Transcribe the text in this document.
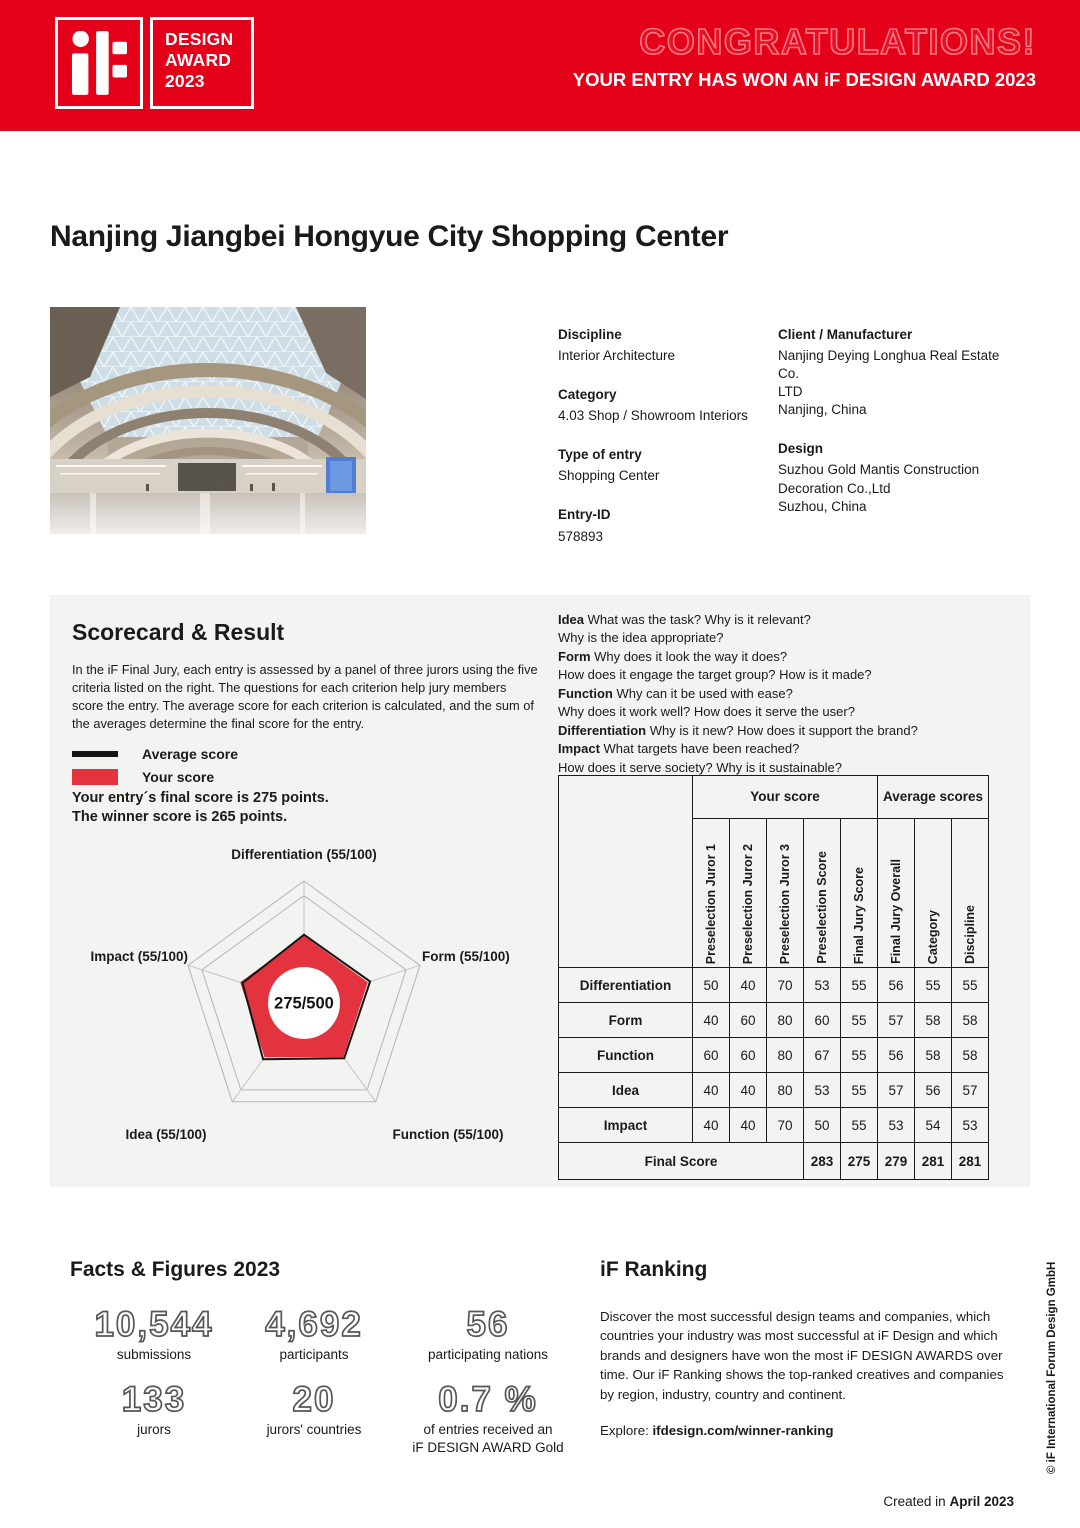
DESIGN
AWARD
2023
CONGRATULATIONS!
YOUR ENTRY HAS WON AN iF DESIGN AWARD 2023
Nanjing Jiangbei Hongyue City Shopping Center
Discipline
Interior Architecture
Category
4.03 Shop / Showroom Interiors
Type of entry
Shopping Center
Entry-ID
578893
Client / Manufacturer
Nanjing Deying Longhua Real Estate Co.
LTD
Nanjing, China
Design
Suzhou Gold Mantis Construction
Decoration Co.,Ltd
Suzhou, China
Scorecard & Result
In the iF Final Jury, each entry is assessed by a panel of three jurors using the five criteria listed on the right. The questions for each criterion help jury members score the entry. The average score for each criterion is calculated, and the sum of the averages determine the final score for the entry.
Average score
Your score
Your entry´s final score is 275 points.
The winner score is 265 points.
275/500
Differentiation (55/100)
Form (55/100)
Function (55/100)
Idea (55/100)
Impact (55/100)
Idea What was the task? Why is it relevant?
Why is the idea appropriate?
Form Why does it look the way it does?
How does it engage the target group? How is it made?
Function Why can it be used with ease?
Why does it work well? How does it serve the user?
Differentiation Why is it new? How does it support the brand?
Impact What targets have been reached?
How does it serve society? Why is it sustainable?
	Your score					Average scores		
	Preselection Juror 1	Preselection Juror 2	Preselection Juror 3	Preselection Score	Final Jury Score	Final Jury Overall	Category	Discipline
Differentiation	50	40	70	53	55	56	55	55
Form	40	60	80	60	55	57	58	58
Function	60	60	80	67	55	56	58	58
Idea	40	40	80	53	55	57	56	57
Impact	40	40	70	50	55	53	54	53
Final Score				283	275	279	281	281
Facts & Figures 2023
10,544
submissions
4,692
participants
56
participating nations
133
jurors
20
jurors' countries
0.7 %
of entries received an
iF DESIGN AWARD Gold
iF Ranking
Discover the most successful design teams and companies, which countries your industry was most successful at iF Design and which brands and designers have won the most iF DESIGN AWARDS over time. Our iF Ranking shows the top-ranked creatives and companies by region, industry, country and continent.
Explore: ifdesign.com/winner-ranking
Created in April 2023
© iF International Forum Design GmbH
